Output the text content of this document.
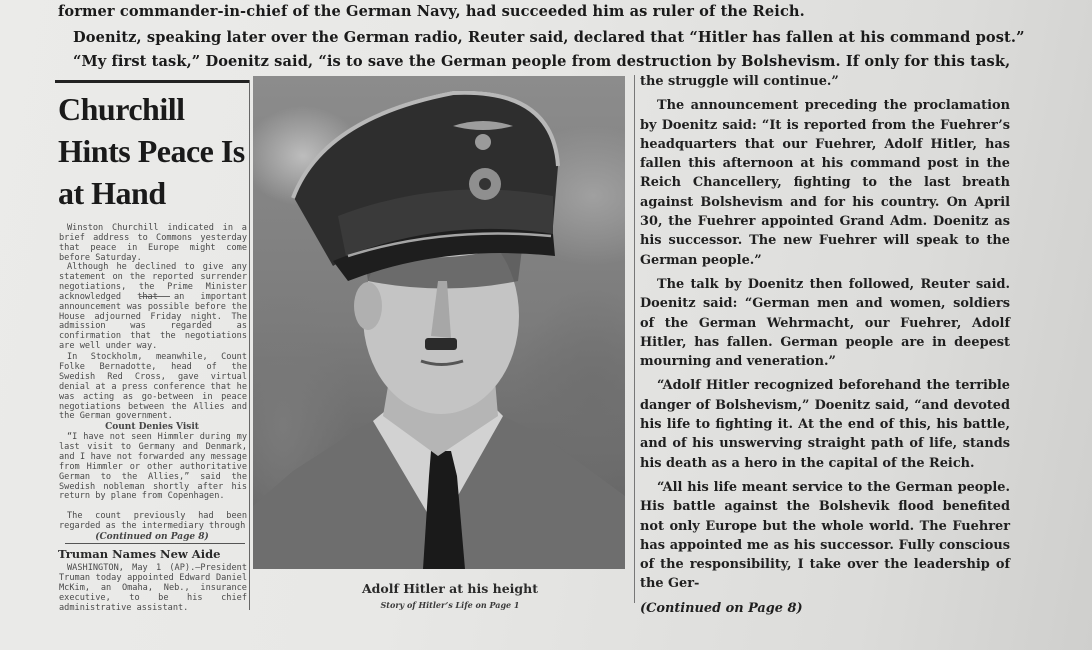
former commander-in-chief of the German Navy, had succeeded him as ruler of the Reich.
Doenitz, speaking later over the German radio, Reuter said, declared that “Hitler has fallen at his command post.”
“My first task,” Doenitz said, “is to save the German people from destruction by Bolshevism. If only for this task,
Churchill Hints Peace Is at Hand

Winston Churchill indicated in a brief address to Commons yesterday that peace in Europe might come before Saturday.

Although he declined to give any statement on the reported surrender negotiations, the Prime Minister acknowledged that an important announcement was possible before the House adjourned Friday night. The admission was regarded as confirmation that the negotiations are well under way.

In Stockholm, meanwhile, Count Folke Bernadotte, head of the Swedish Red Cross, gave virtual denial at a press conference that he was acting as go-between in peace negotiations between the Allies and the German government.

Count Denies Visit

“I have not seen Himmler during my last visit to Germany and Denmark, and I have not forwarded any message from Himmler or other authoritative German to the Allies,” said the Swedish nobleman shortly after his return by plane from Copenhagen.

The count previously had been regarded as the intermediary through

(Continued on Page 8)
Truman Names New Aide

WASHINGTON, May 1 (AP).—President Truman today appointed Edward Daniel McKim, an Omaha, Neb., insurance executive, to be his chief administrative assistant.

Adolf Hitler at his height
Story of Hitler’s Life on Page 1

the struggle will continue.”

The announcement preceding the proclamation by Doenitz said: “It is reported from the Fuehrer’s headquarters that our Fuehrer, Adolf Hitler, has fallen this afternoon at his command post in the Reich Chancellery, fighting to the last breath against Bolshevism and for his country. On April 30, the Fuehrer appointed Grand Adm. Doenitz as his successor. The new Fuehrer will speak to the German people.”

The talk by Doenitz then followed, Reuter said. Doenitz said: “German men and women, soldiers of the German Wehrmacht, our Fuehrer, Adolf Hitler, has fallen. German people are in deepest mourning and veneration.”

“Adolf Hitler recognized beforehand the terrible danger of Bolshevism,” Doenitz said, “and devoted his life to fighting it. At the end of this, his battle, and of his unswerving straight path of life, stands his death as a hero in the capital of the Reich.

“All his life meant service to the German people. His battle against the Bolshevik flood benefited not only Europe but the whole world. The Fuehrer has appointed me as his successor. Fully conscious of the responsibility, I take over the leadership of the Ger-

(Continued on Page 8)
